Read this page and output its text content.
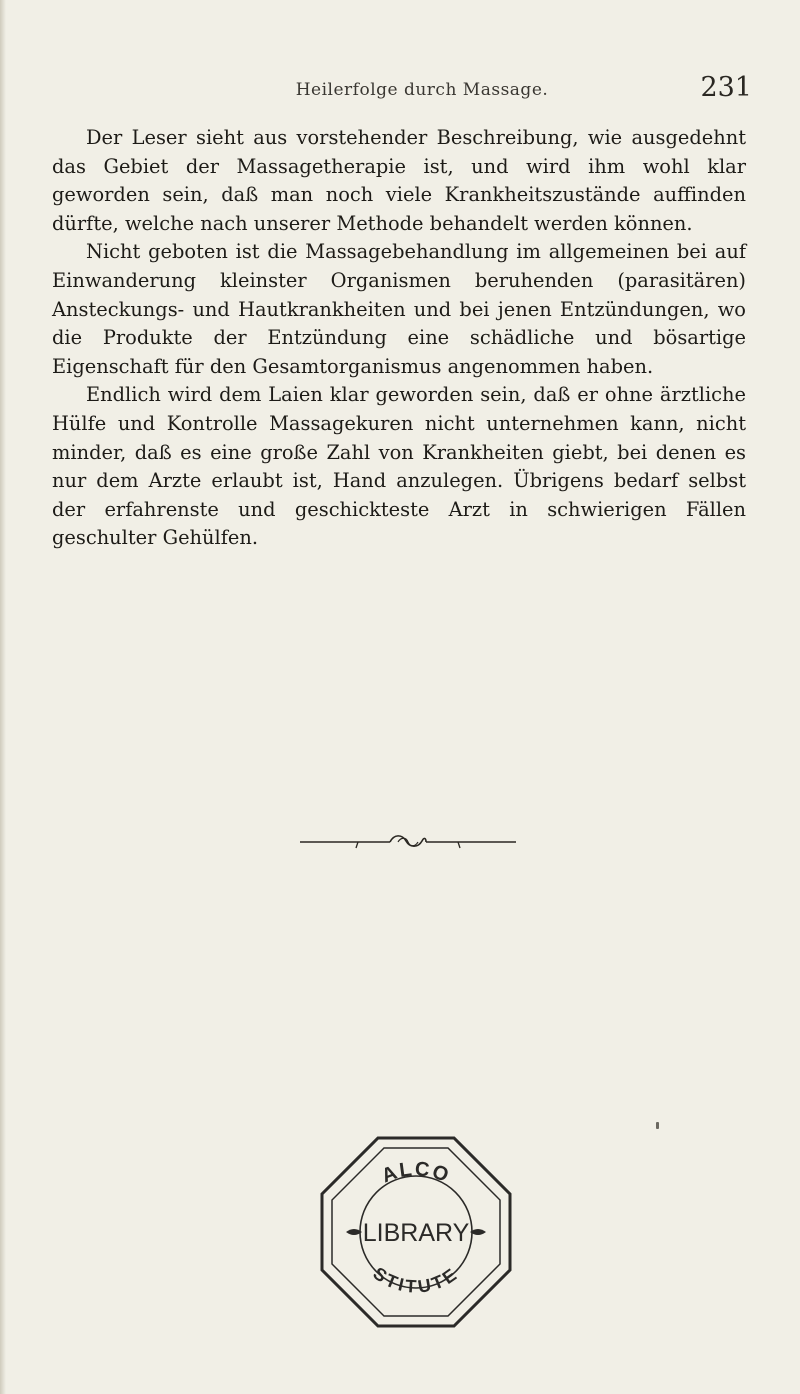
Heilerfolge durch Massage.	231

Der Leser sieht aus vorstehender Beschreibung, wie ausgedehnt das Gebiet der Massagetherapie ist, und wird ihm wohl klar geworden sein, daß man noch viele Krankheitszustände auffinden dürfte, welche nach unserer Methode behandelt werden können.

Nicht geboten ist die Massagebehandlung im allgemeinen bei auf Einwanderung kleinster Organismen beruhenden (parasitären) Ansteckungs- und Hautkrankheiten und bei jenen Entzündungen, wo die Produkte der Entzündung eine schädliche und bösartige Eigenschaft für den Gesamtorganismus angenommen haben.

Endlich wird dem Laien klar geworden sein, daß er ohne ärztliche Hülfe und Kontrolle Massagekuren nicht unternehmen kann, nicht minder, daß es eine große Zahl von Krankheiten giebt, bei denen es nur dem Arzte erlaubt ist, Hand anzulegen. Übrigens bedarf selbst der erfahrenste und geschickteste Arzt in schwierigen Fällen geschulter Gehülfen.

ALCO
STITUTE
LIBRARY
